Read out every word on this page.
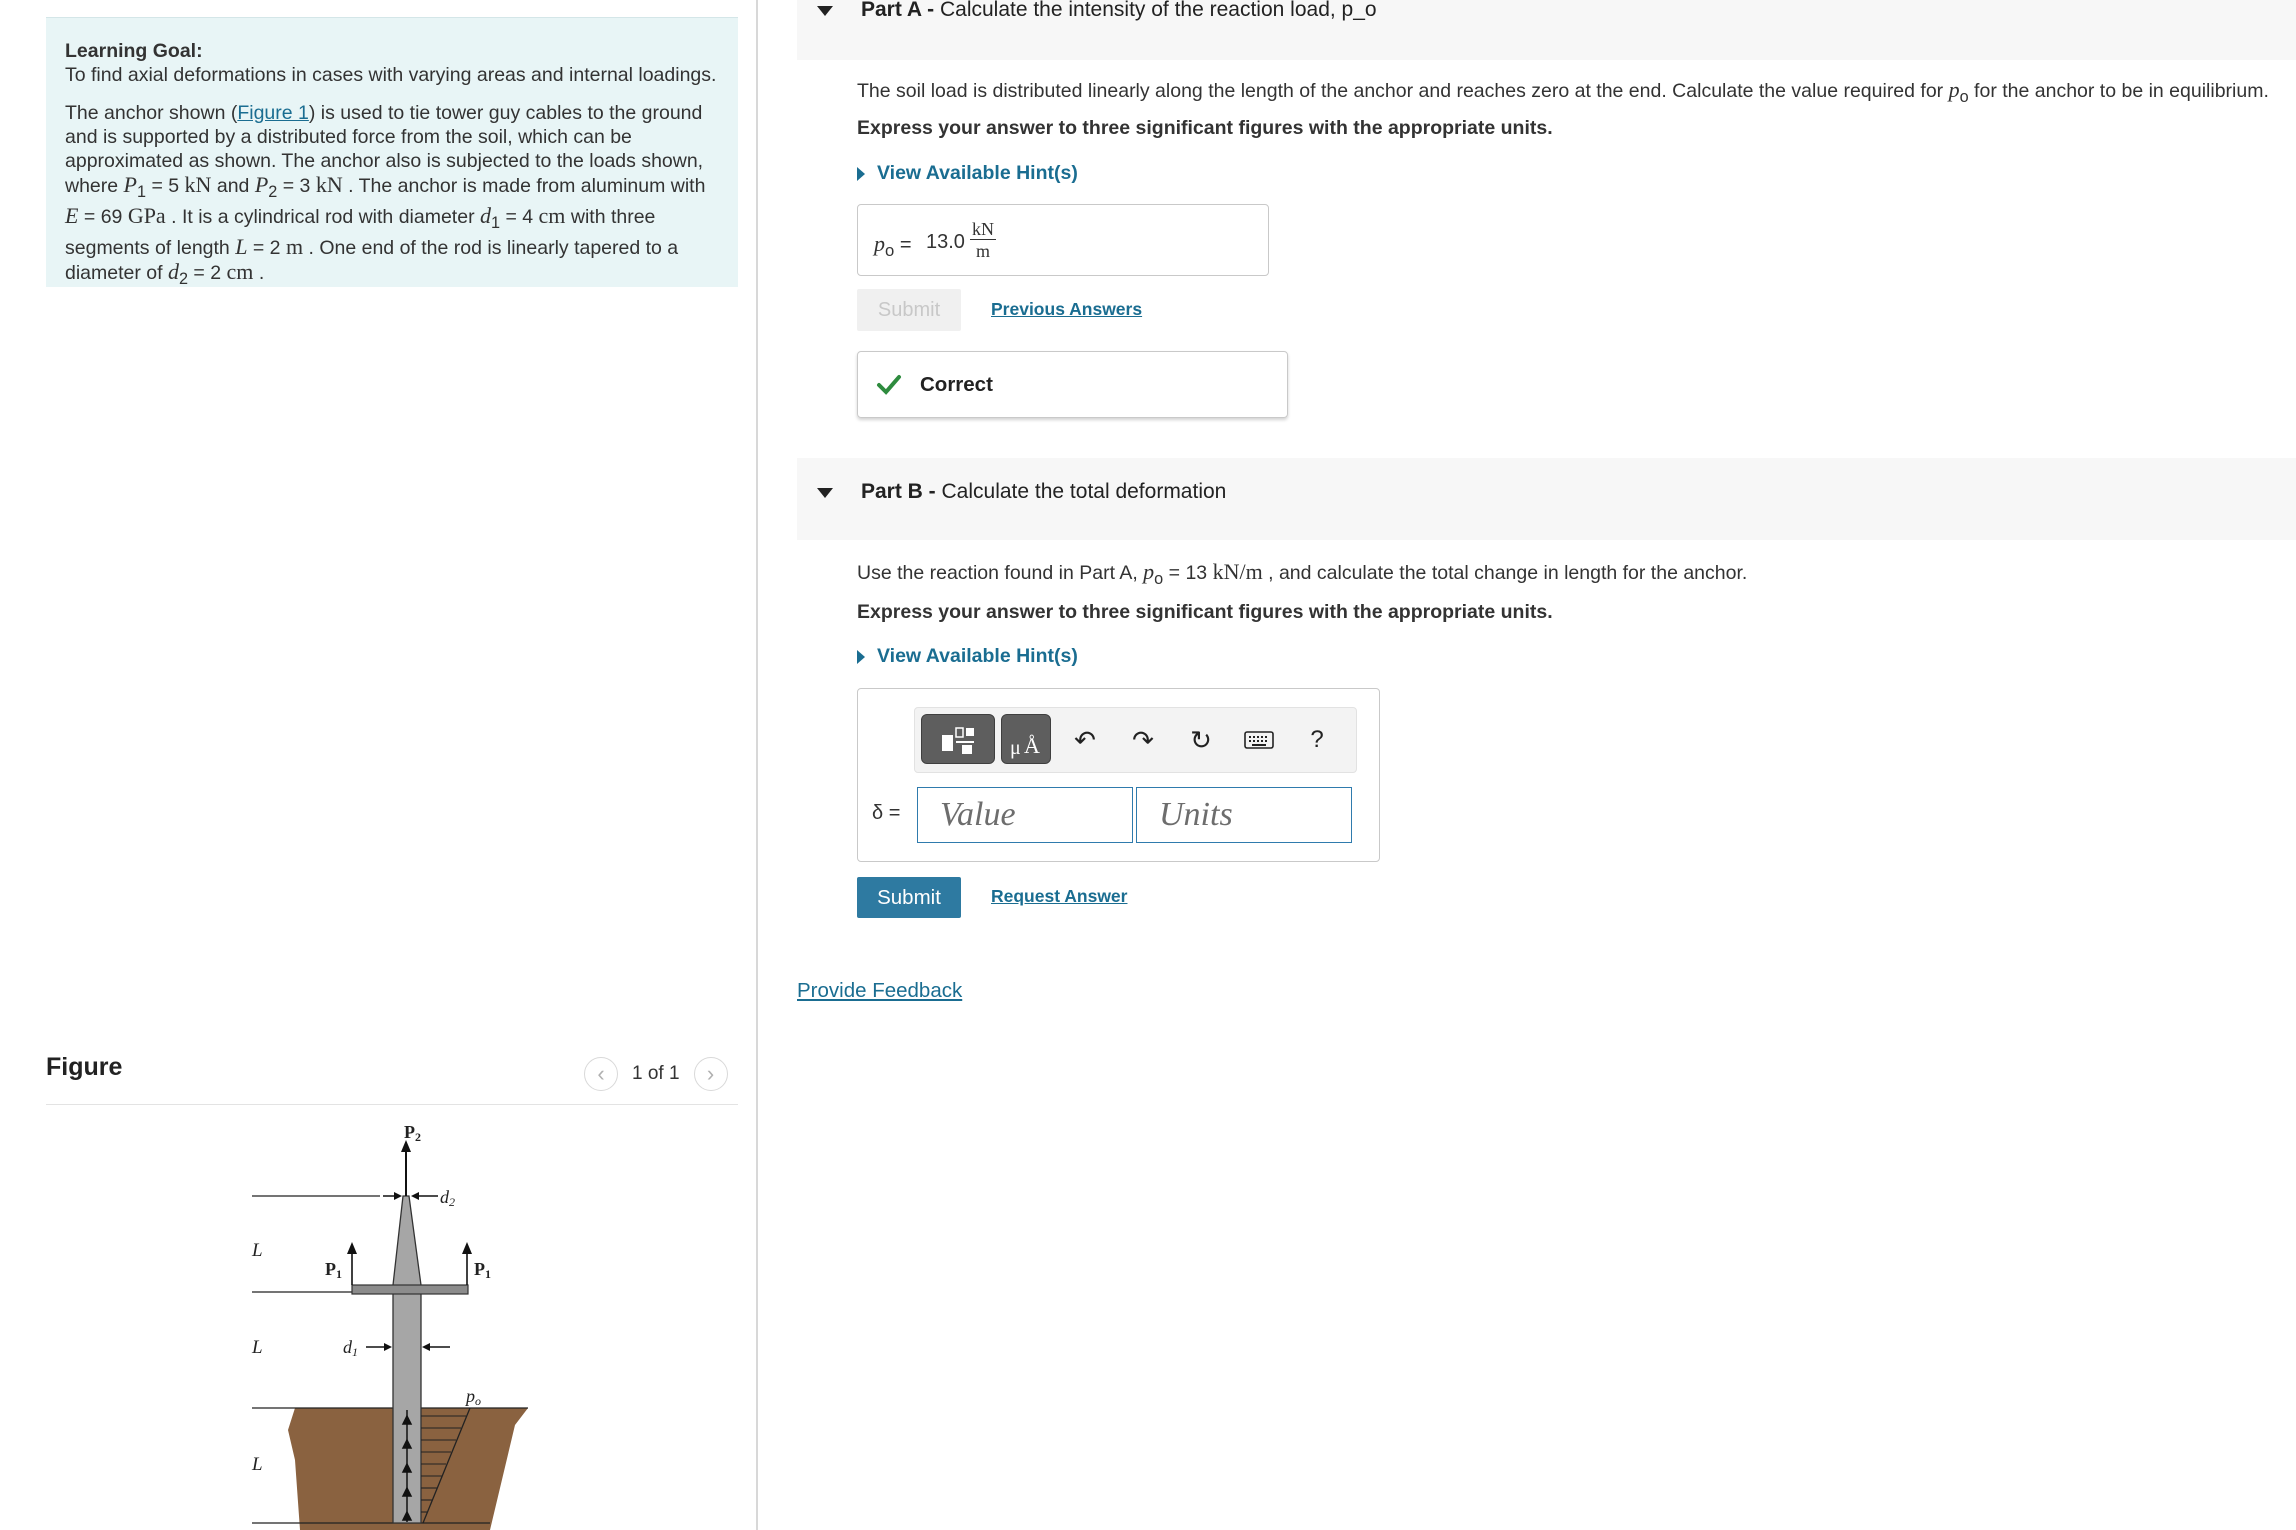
Learning Goal:

To find axial deformations in cases with varying areas and internal loadings.

The anchor shown (Figure 1) is used to tie tower guy cables to the ground and is supported by a distributed force from the soil, which can be approximated as shown. The anchor also is subjected to the loads shown, where $P_1 = 5$ kN and $P_2 = 3$ kN . The anchor is made from aluminum with E = 69 GPa . It is a cylindrical rod with diameter $d_1 = 4$ cm with three segments of length L = 2 m . One end of the rod is linearly tapered to a diameter of $d_2 = 2$ cm .

Figure	‹	1 of 1	›
P2
d2
P1	P1
d1
L
L
L
po
Part A - Calculate the intensity of the reaction load, p_o
The soil load is distributed linearly along the length of the anchor and reaches zero at the end. Calculate the value required for $p_o$ for the anchor to be in equilibrium.
Express your answer to three significant figures with the appropriate units.
View Available Hint(s)
$p_o = 13.0 \frac{kN}{m}$
Submit	Previous Answers
Correct
Part B - Calculate the total deformation
Use the reaction found in Part A, $p_o = 13$ kN/m , and calculate the total change in length for the anchor.
Express your answer to three significant figures with the appropriate units.
View Available Hint(s)
μ Å ↶ ↷ ↻	?
δ =	Value	Units
Submit	Request Answer
Provide Feedback
